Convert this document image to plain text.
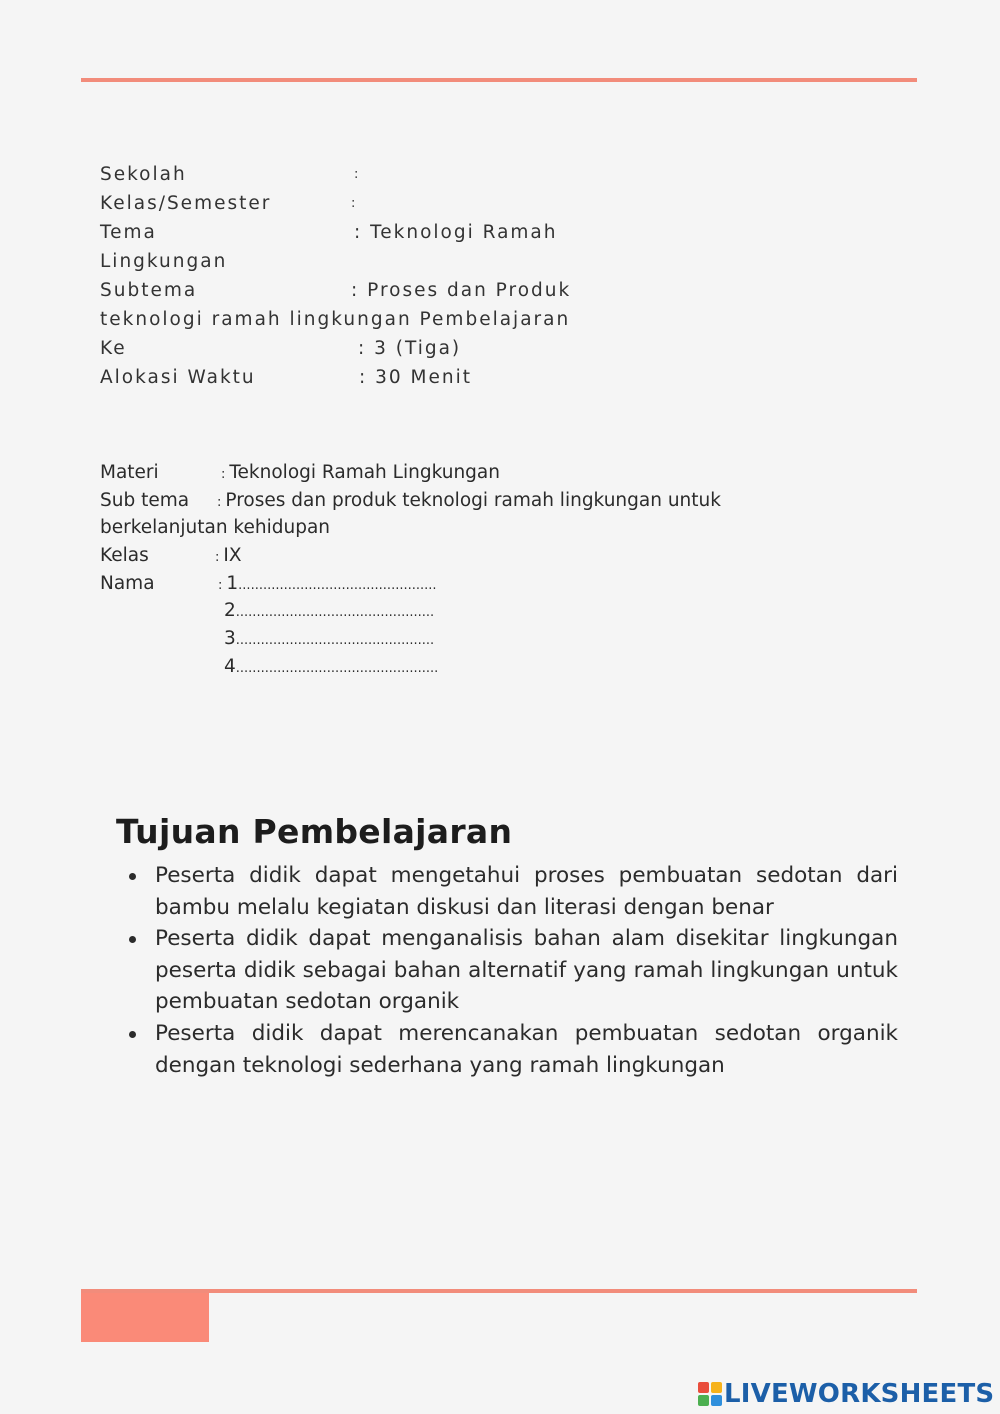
Sekolah	:
Kelas/Semester	:
Tema	: Teknologi Ramah
Lingkungan
Subtema	: Proses dan Produk
teknologi ramah lingkungan Pembelajaran
Ke	: 3 (Tiga)
Alokasi Waktu	: 30 Menit
Materi	: Teknologi Ramah Lingkungan
Sub tema : Proses dan produk teknologi ramah lingkungan untuk
berkelanjutan kehidupan
Kelas	: IX
Nama	: 1................................................
2................................................
3................................................
4.................................................
Tujuan Pembelajaran
Peserta didik dapat mengetahui proses pembuatan sedotan dari bambu melalu kegiatan diskusi dan literasi dengan benar
Peserta didik dapat menganalisis bahan alam disekitar lingkungan peserta didik sebagai bahan alternatif yang ramah lingkungan untuk pembuatan sedotan organik
Peserta didik dapat merencanakan pembuatan sedotan organik dengan teknologi sederhana yang ramah lingkungan
LIVEWORKSHEETS
